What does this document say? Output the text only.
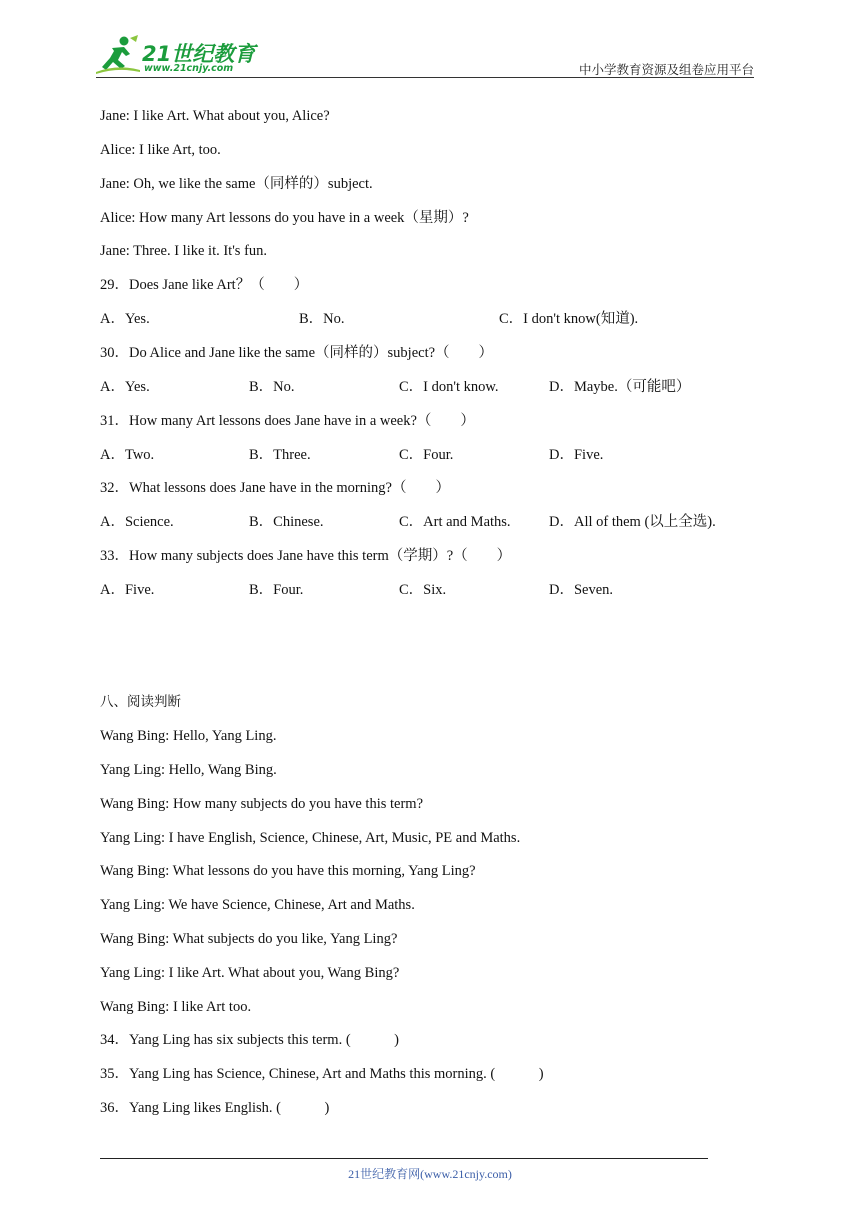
21世纪教育
www.21cnjy.com	中小学教育资源及组卷应用平台
Jane: I like Art. What about you, Alice?
Alice: I like Art, too.
Jane: Oh, we like the same（同样的）subject.
Alice: How many Art lessons do you have in a week（星期）?
Jane: Three. I like it. It's fun.
29．Does Jane like Art？（　　）
A．Yes.	B．No.	C．I don't know(知道).
30．Do Alice and Jane like the same（同样的）subject?（　　）
A．Yes.	B．No.	C．I don't know.	D．Maybe.（可能吧）
31．How many Art lessons does Jane have in a week?（　　）
A．Two.	B．Three.	C．Four.	D．Five.
32．What lessons does Jane have in the morning?（　　）
A．Science.	B．Chinese.	C．Art and Maths.	D．All of them (以上全选).
33．How many subjects does Jane have this term（学期）?（　　）
A．Five.	B．Four.	C．Six.	D．Seven.
八、阅读判断
Wang Bing: Hello, Yang Ling.
Yang Ling: Hello, Wang Bing.
Wang Bing: How many subjects do you have this term?
Yang Ling: I have English, Science, Chinese, Art, Music, PE and Maths.
Wang Bing: What lessons do you have this morning, Yang Ling?
Yang Ling: We have Science, Chinese, Art and Maths.
Wang Bing: What subjects do you like, Yang Ling?
Yang Ling: I like Art. What about you, Wang Bing?
Wang Bing: I like Art too.
34．Yang Ling has six subjects this term. (　　　)
35．Yang Ling has Science, Chinese, Art and Maths this morning. (　　　)
36．Yang Ling likes English. (　　　)
21世纪教育网(www.21cnjy.com)
